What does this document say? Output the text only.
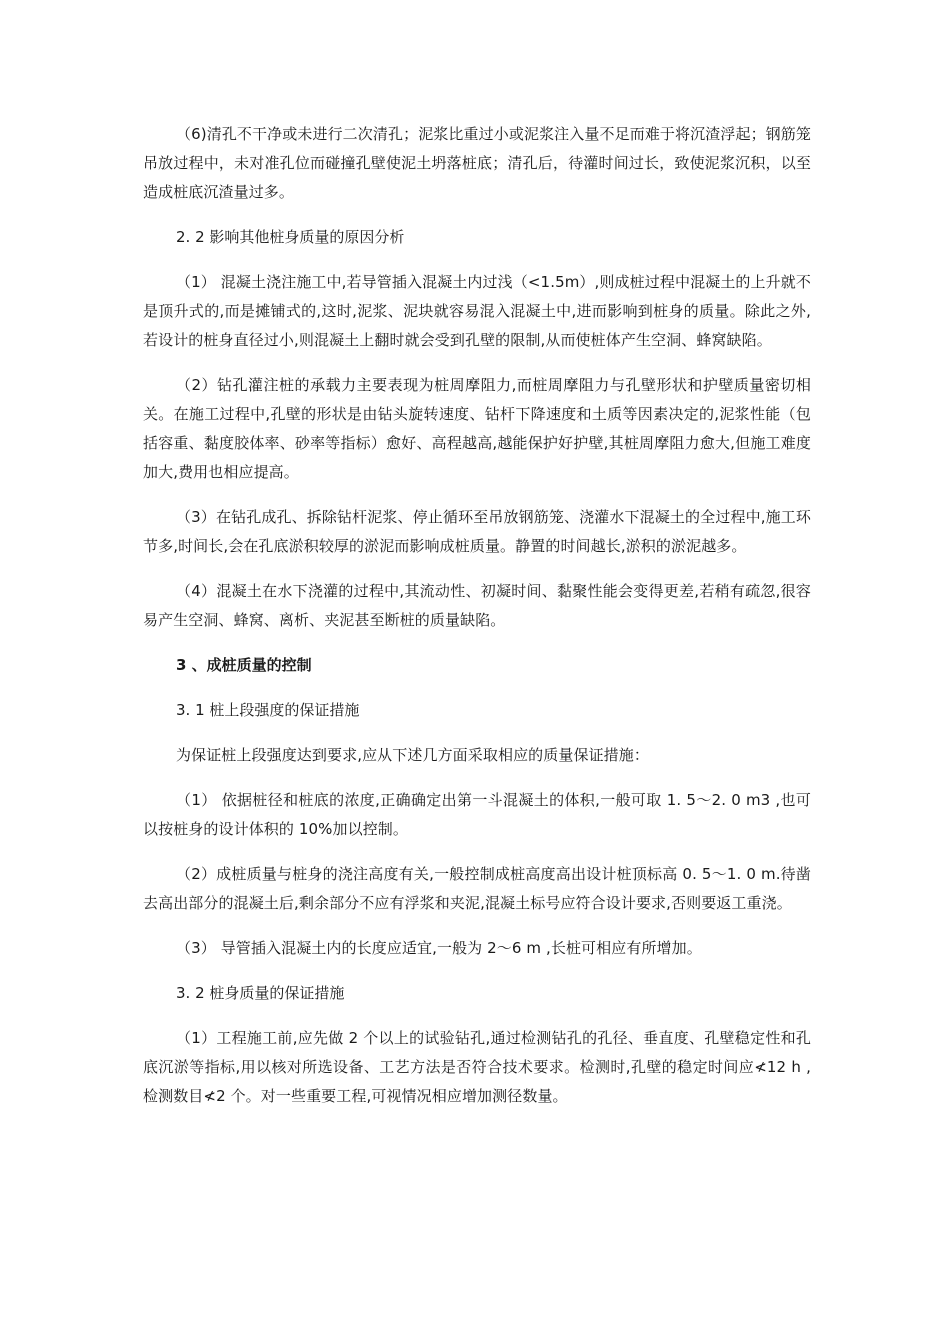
（6)清孔不干净或未进行二次清孔；泥浆比重过小或泥浆注入量不足而难于将沉渣浮起；钢筋笼吊放过程中，未对准孔位而碰撞孔壁使泥土坍落桩底；清孔后，待灌时间过长，致使泥浆沉积，以至造成桩底沉渣量过多。

2. 2 影响其他桩身质量的原因分析

（1） 混凝土浇注施工中,若导管插入混凝土内过浅（<1.5m）,则成桩过程中混凝土的上升就不是顶升式的,而是摊铺式的,这时,泥浆、泥块就容易混入混凝土中,进而影响到桩身的质量。除此之外,若设计的桩身直径过小,则混凝土上翻时就会受到孔壁的限制,从而使桩体产生空洞、蜂窝缺陷。

（2）钻孔灌注桩的承载力主要表现为桩周摩阻力,而桩周摩阻力与孔壁形状和护壁质量密切相关。在施工过程中,孔壁的形状是由钻头旋转速度、钻杆下降速度和土质等因素决定的,泥浆性能（包括容重、黏度胶体率、砂率等指标）愈好、高程越高,越能保护好护壁,其桩周摩阻力愈大,但施工难度加大,费用也相应提高。

（3）在钻孔成孔、拆除钻杆泥浆、停止循环至吊放钢筋笼、浇灌水下混凝土的全过程中,施工环节多,时间长,会在孔底淤积较厚的淤泥而影响成桩质量。静置的时间越长,淤积的淤泥越多。

（4）混凝土在水下浇灌的过程中,其流动性、初凝时间、黏聚性能会变得更差,若稍有疏忽,很容易产生空洞、蜂窝、离析、夹泥甚至断桩的质量缺陷。

3 、成桩质量的控制

3. 1 桩上段强度的保证措施

为保证桩上段强度达到要求,应从下述几方面采取相应的质量保证措施：

（1） 依据桩径和桩底的浓度,正确确定出第一斗混凝土的体积,一般可取 1. 5～2. 0 m3 ,也可以按桩身的设计体积的 10%加以控制。

（2）成桩质量与桩身的浇注高度有关,一般控制成桩高度高出设计桩顶标高 0. 5～1. 0 m.待凿去高出部分的混凝土后,剩余部分不应有浮浆和夹泥,混凝土标号应符合设计要求,否则要返工重浇。

（3） 导管插入混凝土内的长度应适宜,一般为 2～6 m ,长桩可相应有所增加。

3. 2 桩身质量的保证措施

（1）工程施工前,应先做 2 个以上的试验钻孔,通过检测钻孔的孔径、垂直度、孔壁稳定性和孔底沉淤等指标,用以核对所选设备、工艺方法是否符合技术要求。检测时,孔壁的稳定时间应≮12 h ,检测数目≮2 个。对一些重要工程,可视情况相应增加测径数量。
